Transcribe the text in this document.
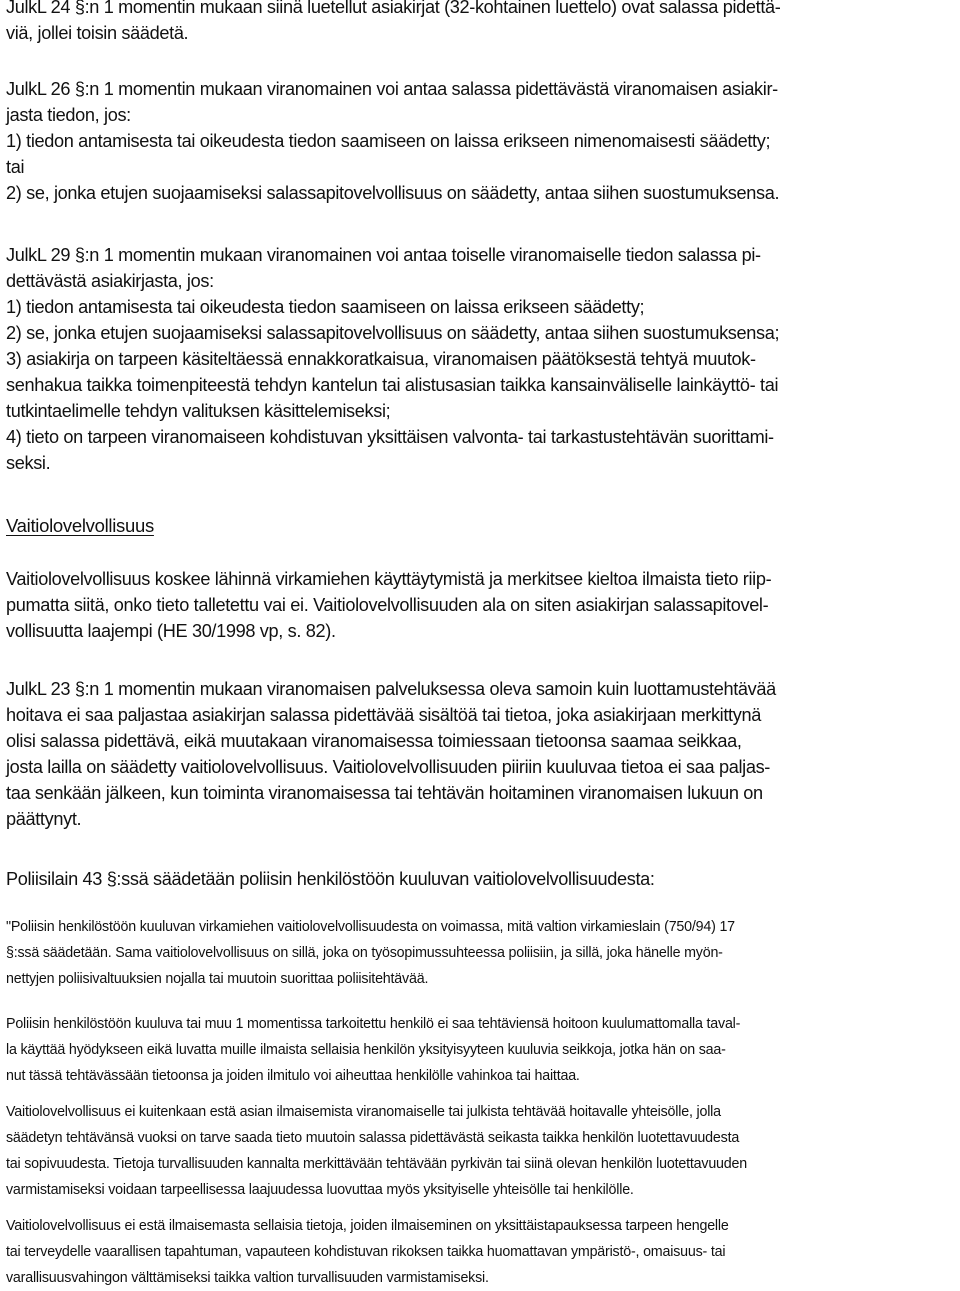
JulkL 24 §:n 1 momentin mukaan siinä luetellut asiakirjat (32-kohtainen luettelo) ovat salassa pidettä-
viä, jollei toisin säädetä.
JulkL 26 §:n 1 momentin mukaan viranomainen voi antaa salassa pidettävästä viranomaisen asiakir-
jasta tiedon, jos:
1) tiedon antamisesta tai oikeudesta tiedon saamiseen on laissa erikseen nimenomaisesti säädetty;
tai
2) se, jonka etujen suojaamiseksi salassapitovelvollisuus on säädetty, antaa siihen suostumuksensa.
JulkL 29 §:n 1 momentin mukaan viranomainen voi antaa toiselle viranomaiselle tiedon salassa pi-
dettävästä asiakirjasta, jos:
1) tiedon antamisesta tai oikeudesta tiedon saamiseen on laissa erikseen säädetty;
2) se, jonka etujen suojaamiseksi salassapitovelvollisuus on säädetty, antaa siihen suostumuksensa;
3) asiakirja on tarpeen käsiteltäessä ennakkoratkaisua, viranomaisen päätöksestä tehtyä muutok-
senhakua taikka toimenpiteestä tehdyn kantelun tai alistusasian taikka kansainväliselle lainkäyttö- tai
tutkintaelimelle tehdyn valituksen käsittelemiseksi;
4) tieto on tarpeen viranomaiseen kohdistuvan yksittäisen valvonta- tai tarkastustehtävän suorittami-
seksi.
Vaitiolovelvollisuus
Vaitiolovelvollisuus koskee lähinnä virkamiehen käyttäytymistä ja merkitsee kieltoa ilmaista tieto riip-
pumatta siitä, onko tieto talletettu vai ei. Vaitiolovelvollisuuden ala on siten asiakirjan salassapitovel-
vollisuutta laajempi (HE 30/1998 vp, s. 82).
JulkL 23 §:n 1 momentin mukaan viranomaisen palveluksessa oleva samoin kuin luottamustehtävää
hoitava ei saa paljastaa asiakirjan salassa pidettävää sisältöä tai tietoa, joka asiakirjaan merkittynä
olisi salassa pidettävä, eikä muutakaan viranomaisessa toimiessaan tietoonsa saamaa seikkaa,
josta laillа on säädetty vaitiolovelvollisuus. Vaitiolovelvollisuuden piiriin kuuluvaa tietoa ei saa paljas-
taa senkään jälkeen, kun toiminta viranomaisessa tai tehtävän hoitaminen viranomaisen lukuun on
päättynyt.
Poliisilain 43 §:ssä säädetään poliisin henkilöstöön kuuluvan vaitiolovelvollisuudesta:
"Poliisin henkilöstöön kuuluvan virkamiehen vaitiolovelvollisuudesta on voimassa, mitä valtion virkamieslain (750/94) 17
§:ssä säädetään. Sama vaitiolovelvollisuus on sillä, joka on työsopimussuhteessa poliisiin, ja sillä, joka hänelle myön-
nettyjen poliisivaltuuksien nojalla tai muutoin suorittaa poliisitehtävää.
Poliisin henkilöstöön kuuluva tai muu 1 momentissa tarkoitettu henkilö ei saa tehtäviensä hoitoon kuulumattomalla taval-
la käyttää hyödykseen eikä luvatta muille ilmaista sellaisia henkilön yksityisyyteen kuuluvia seikkoja, jotka hän on saa-
nut tässä tehtävässään tietoonsa ja joiden ilmitulo voi aiheuttaa henkilölle vahinkoa tai haittaa.
Vaitiolovelvollisuus ei kuitenkaan estä asian ilmaisemista viranomaiselle tai julkista tehtävää hoitavalle yhteisölle, jolla
säädetyn tehtävänsä vuoksi on tarve saada tieto muutoin salassa pidettävästä seikasta taikka henkilön luotettavuudesta
tai sopivuudesta. Tietoja turvallisuuden kannalta merkittävään tehtävään pyrkivän tai siinä olevan henkilön luotettavuuden
varmistamiseksi voidaan tarpeellisessa laajuudessa luovuttaa myös yksityiselle yhteisölle tai henkilölle.
Vaitiolovelvollisuus ei estä ilmaisemasta sellaisia tietoja, joiden ilmaiseminen on yksittäistapauksessa tarpeen hengelle
tai terveydelle vaarallisen tapahtuman, vapauteen kohdistuvan rikoksen taikka huomattavan ympäristö-, omaisuus- tai
varallisuusvahingon välttämiseksi taikka valtion turvallisuuden varmistamiseksi.
